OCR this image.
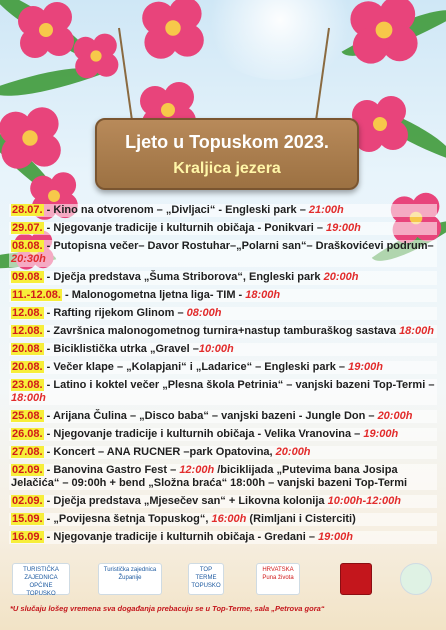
Ljeto u Topuskom 2023.
Kraljica jezera
28.07. - Kino na otvorenom – „Divljaci“ - Engleski park – 21:00h
29.07. - Njegovanje tradicije i kulturnih običaja - Ponikvari – 19:00h
08.08. - Putopisna večer– Davor Rostuhar–„Polarni san“– Draškovićevi podrum– 20:30h
09.08. - Dječja predstava „Šuma Striborova“, Engleski park 20:00h
11.-12.08. - Malonogometna ljetna liga- TIM - 18:00h
12.08. - Rafting rijekom Glinom – 08:00h
12.08. - Završnica malonogometnog turnira+nastup tamburaškog sastava 18:00h
20.08. - Biciklistička utrka „Gravel –10:00h
20.08. - Večer klape – „Kolapjani“ i „Ladarice“ – Engleski park – 19:00h
23.08. - Latino i koktel večer „Plesna škola Petrinia“ – vanjski bazeni Top-Termi – 18:00h
25.08. - Arijana Čulina – „Disco baba“ – vanjski bazeni - Jungle Don – 20:00h
26.08. - Njegovanje tradicije i kulturnih običaja - Velika Vranovina – 19:00h
27.08. - Koncert – ANA RUCNER –park Opatovina, 20:00h
02.09. - Banovina Gastro Fest – 12:00h /biciklijada „Putevima bana Josipa Jelačića“ – 09:00h + bend „Složna braća“ 18:00h – vanjski bazeni Top-Termi
02.09. - Dječja predstava „Mjesečev san“ + Likovna kolonija 10:00h-12:00h
15.09. - „Povijesna šetnja Topuskog“, 16:00h (Rimljani i Cisterciti)
16.09. - Njegovanje tradicije i kulturnih običaja - Gredani – 19:00h
TURISTIČKA ZAJEDNICA OPĆINE TOPUSKO
Turistička zajednica Županije
TOP TERME TOPUSKO
HRVATSKA Puna života
*U slučaju lošeg vremena sva događanja prebacuju se u Top-Terme, sala „Petrova gora“
